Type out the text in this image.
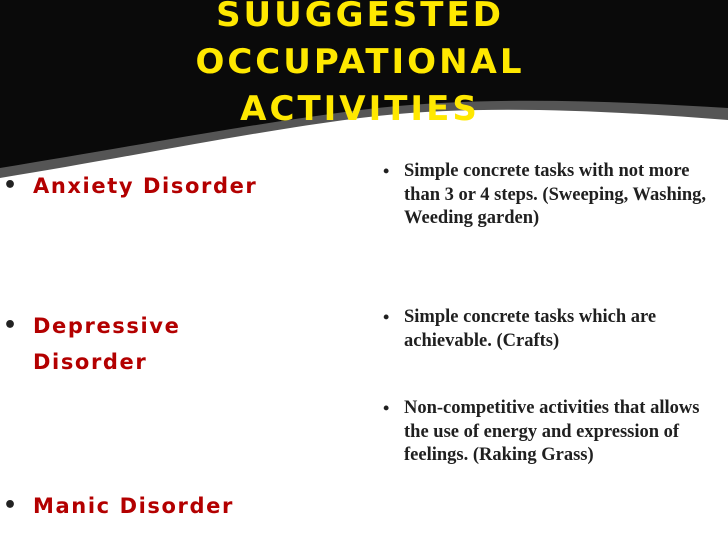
SUUGGESTED
OCCUPATIONAL
ACTIVITIES
• Anxiety Disorder
• Depressive
Disorder
• Manic Disorder
• Simple concrete tasks with not more than 3 or 4 steps. (Sweeping, Washing, Weeding garden)
• Simple concrete tasks which are achievable. (Crafts)
• Non-competitive activities that allows the use of energy and expression of feelings. (Raking Grass)
